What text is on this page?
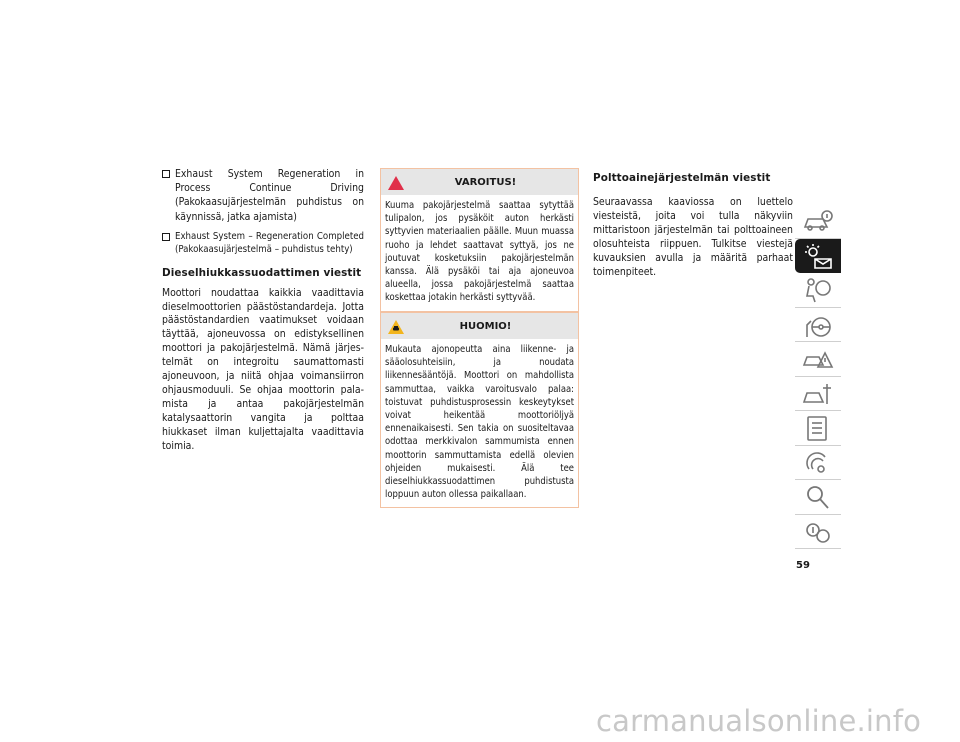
Exhaust System Regeneration in Process Continue Driving (Pakokaasujärjestelmän puhdistus on käynnissä, jatka ajamista)
Exhaust System – Regeneration Completed (Pakokaasujärjestelmä – puhdistus tehty)
Dieselhiukkassuodattimen viestit

Moottori noudattaa kaikkia vaadittavia dieselmoottorien päästöstandardeja. Jotta päästöstandardien vaatimukset voidaan täyttää, ajoneuvossa on edistyksellinen moottori ja pakojärjestelmä. Nämä järjestelmät on integroitu saumattomasti ajoneuvoon, ja niitä ohjaa voimansiirron ohjausmoduuli. Se ohjaa moottorin palamista ja antaa pakojärjestelmän katalysaattorin vangita ja polttaa hiukkaset ilman kuljettajalta vaadittavia toimia.

VAROITUS!
Kuuma pakojärjestelmä saattaa sytyttää tulipalon, jos pysäköit auton herkästi syttyvien materiaalien päälle. Muun muassa ruoho ja lehdet saattavat syttyä, jos ne joutuvat kosketuksiin pakojärjestelmän kanssa. Älä pysäköi tai aja ajoneuvoa alueella, jossa pakojärjestelmä saattaa koskettaa jotakin herkästi syttyvää.
HUOMIO!
Mukauta ajonopeutta aina liikenne- ja sääolosuhteisiin, ja noudata liikennesääntöjä. Moottori on mahdollista sammuttaa, vaikka varoitusvalo palaa: toistuvat puhdistusprosessin keskeytykset voivat heikentää moottoriöljyä ennenaikaisesti. Sen takia on suositeltavaa odottaa merkkivalon sammumista ennen moottorin sammuttamista edellä olevien ohjeiden mukaisesti. Älä tee dieselhiukkassuodattimen puhdistusta loppuun auton ollessa paikallaan.
Polttoainejärjestelmän viestit

Seuraavassa kaaviossa on luettelo viesteistä, joita voi tulla näkyviin mittaristoon järjestelmän tai polttoaineen olosuhteista riippuen. Tulkitse viestejä kuvauksien avulla ja määritä parhaat toimenpiteet.

59
carmanualsonline.info
